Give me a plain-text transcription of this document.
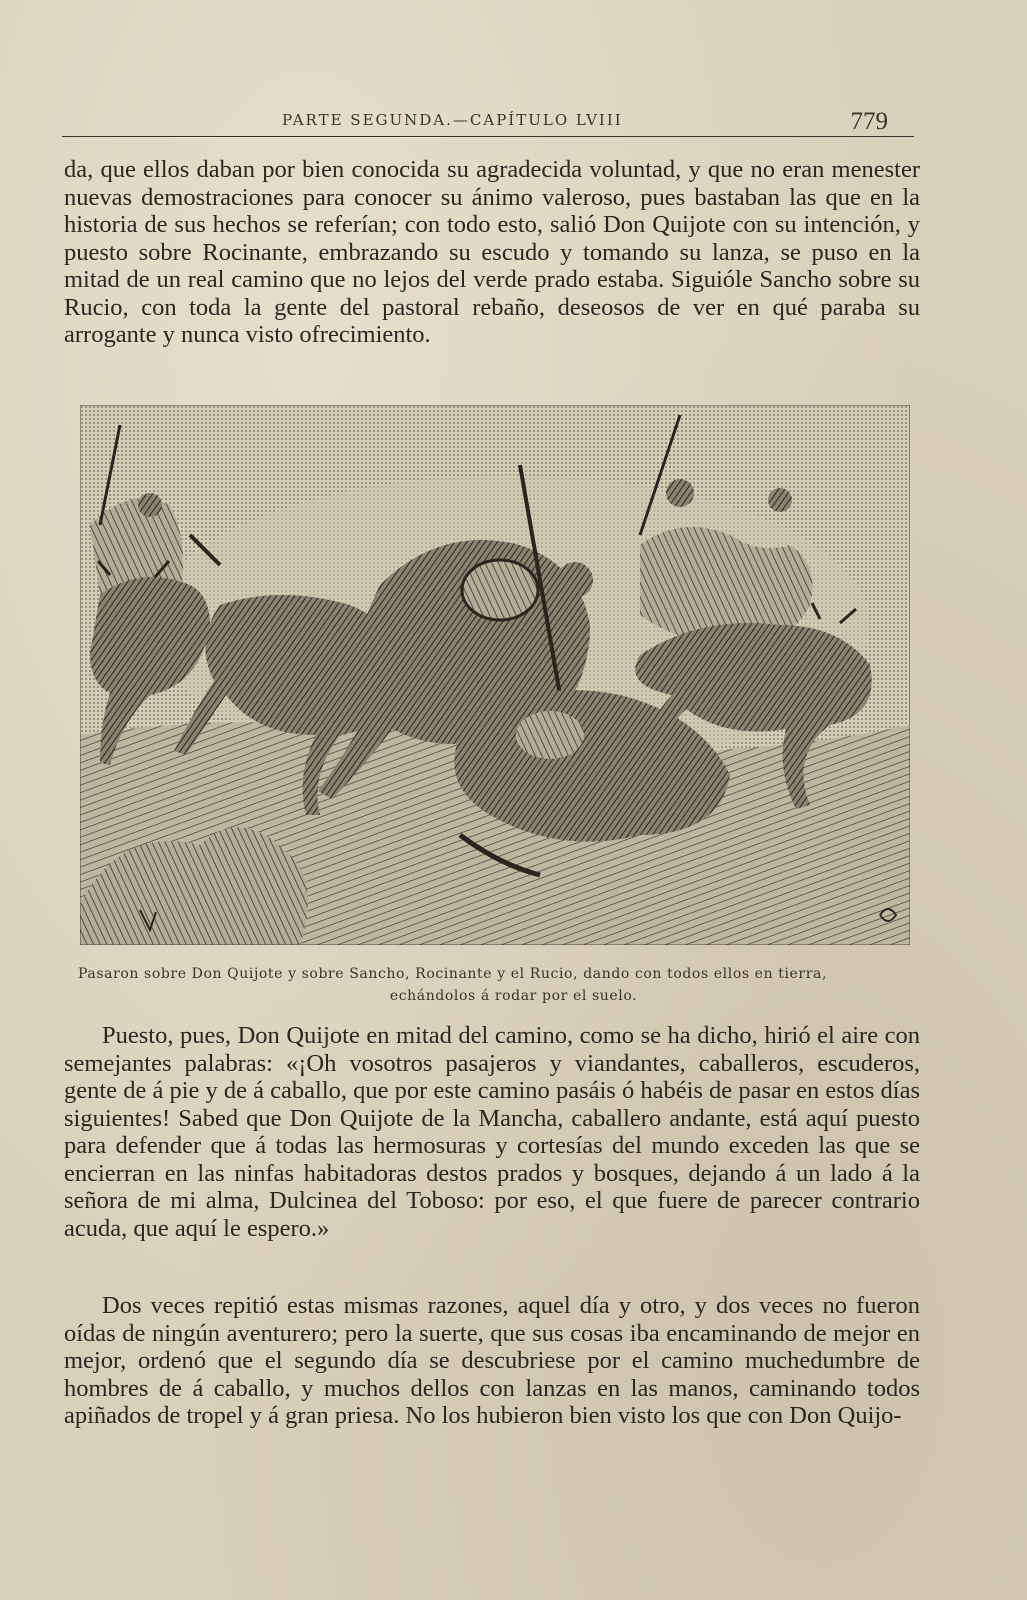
PARTE SEGUNDA.—CAPÍTULO LVIII	779

da, que ellos daban por bien conocida su agradecida voluntad, y que no eran menester nuevas demostraciones para conocer su ánimo valeroso, pues bastaban las que en la historia de sus hechos se referían; con todo esto, salió Don Quijote con su intención, y puesto sobre Rocinante, embrazando su escudo y tomando su lanza, se puso en la mitad de un real camino que no lejos del verde prado estaba. Siguióle Sancho sobre su Rucio, con toda la gente del pastoral rebaño, deseosos de ver en qué paraba su arrogante y nunca visto ofrecimiento.

Pasaron sobre Don Quijote y sobre Sancho, Rocinante y el Rucio, dando con todos ellos en tierra,
echándolos á rodar por el suelo.

Puesto, pues, Don Quijote en mitad del camino, como se ha dicho, hirió el aire con semejantes palabras: «¡Oh vosotros pasajeros y viandantes, caballeros, escuderos, gente de á pie y de á caballo, que por este camino pasáis ó habéis de pasar en estos días siguientes! Sabed que Don Quijote de la Mancha, caballero andante, está aquí puesto para defender que á todas las hermosuras y cortesías del mundo exceden las que se encierran en las ninfas habitadoras destos prados y bosques, dejando á un lado á la señora de mi alma, Dulcinea del Toboso: por eso, el que fuere de parecer contrario acuda, que aquí le espero.»

Dos veces repitió estas mismas razones, aquel día y otro, y dos veces no fueron oídas de ningún aventurero; pero la suerte, que sus cosas iba encaminando de mejor en mejor, ordenó que el segundo día se descubriese por el camino muchedumbre de hombres de á caballo, y muchos dellos con lanzas en las manos, caminando todos apiñados de tropel y á gran priesa. No los hubieron bien visto los que con Don Quijo-
